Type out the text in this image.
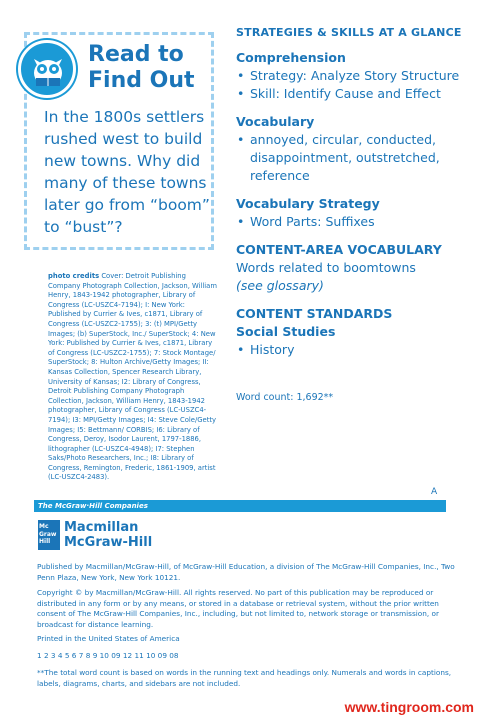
Read to
Find Out
In the 1800s settlers rushed west to build new towns. Why did many of these towns later go from “boom” to “bust”?
STRATEGIES & SKILLS AT A GLANCE
Comprehension
• Strategy: Analyze Story Structure
• Skill: Identify Cause and Effect
Vocabulary
• annoyed, circular, conducted, disappointment, outstretched, reference
Vocabulary Strategy
• Word Parts: Suffixes
CONTENT-AREA VOCABULARY
Words related to boomtowns
(see glossary)
CONTENT STANDARDS
Social Studies
• History
Word count: 1,692**
photo credits Cover: Detroit Publishing Company Photograph Collection, Jackson, William Henry, 1843-1942 photographer, Library of Congress (LC-USZC4-7194); I: New York: Published by Currier & Ives, c1871, Library of Congress (LC-USZC2-1755); 3: (t) MPI/Getty Images; (b) SuperStock, Inc./ SuperStock; 4: New York: Published by Currier & Ives, c1871, Library of Congress (LC-USZC2-1755); 7: Stock Montage/ SuperStock; 8: Hulton Archive/Getty Images; II: Kansas Collection, Spencer Research Library, University of Kansas; I2: Library of Congress, Detroit Publishing Company Photograph Collection, Jackson, William Henry, 1843-1942 photographer, Library of Congress (LC-USZC4-7194); I3: MPI/Getty Images; I4: Steve Cole/Getty Images; I5: Bettmann/ CORBIS; I6: Library of Congress, Deroy, Isodor Laurent, 1797-1886, lithographer (LC-USZC4-4948); I7: Stephen Saks/Photo Researchers, Inc.; I8: Library of Congress, Remington, Frederic, 1861-1909, artist (LC-USZC4-2483).
A
The McGraw·Hill Companies
Mc
Graw
Hill
Macmillan
McGraw-Hill
Published by Macmillan/McGraw-Hill, of McGraw-Hill Education, a division of The McGraw-Hill Companies, Inc., Two Penn Plaza, New York, New York 10121.
Copyright © by Macmillan/McGraw-Hill. All rights reserved. No part of this publication may be reproduced or distributed in any form or by any means, or stored in a database or retrieval system, without the prior written consent of The McGraw-Hill Companies, Inc., including, but not limited to, network storage or transmission, or broadcast for distance learning.
Printed in the United States of America
1 2 3 4 5 6 7 8 9 10 09 12 11 10 09 08
**The total word count is based on words in the running text and headings only. Numerals and words in captions, labels, diagrams, charts, and sidebars are not included.
www.tingroom.com
